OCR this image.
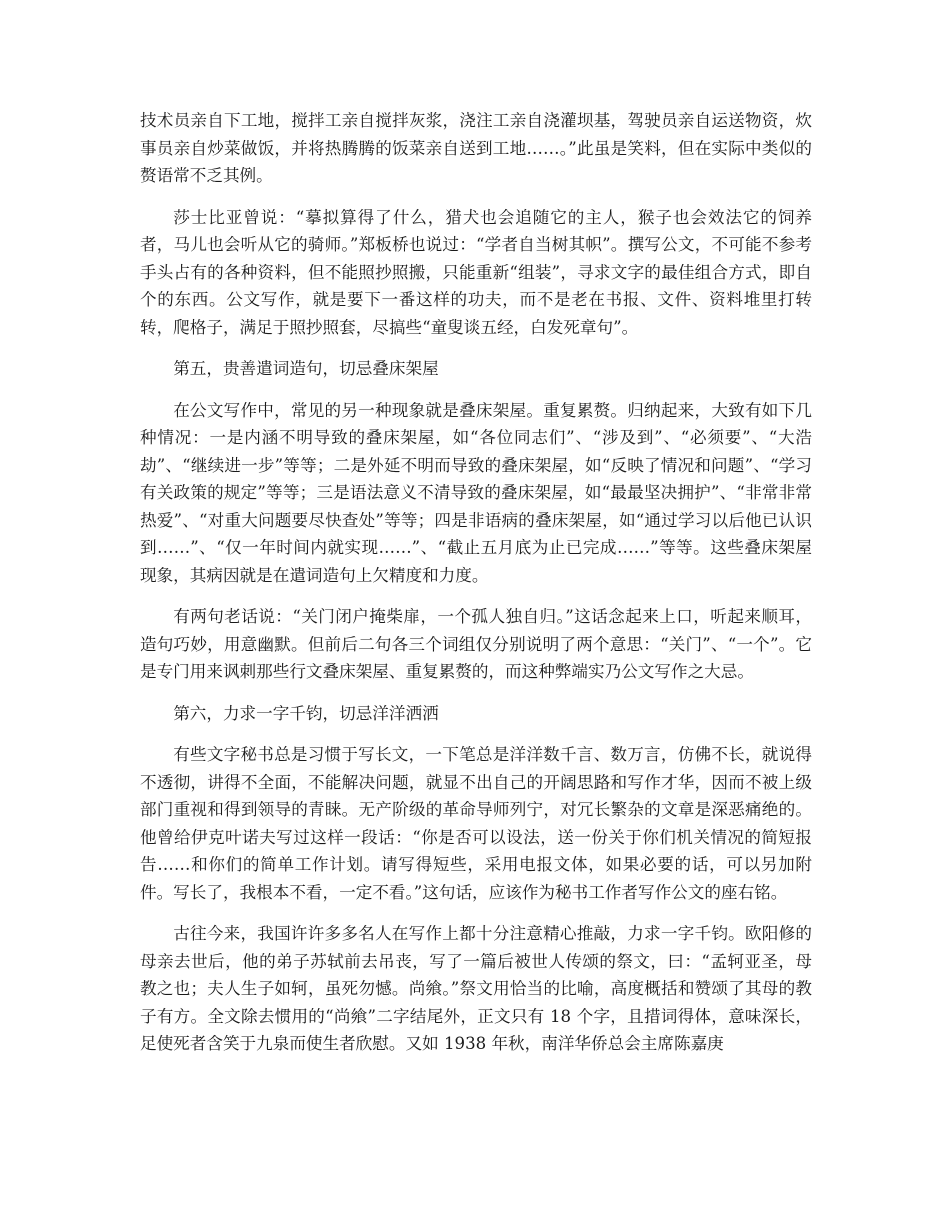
技术员亲自下工地，搅拌工亲自搅拌灰浆，浇注工亲自浇灌坝基，驾驶员亲自运送物资，炊事员亲自炒菜做饭，并将热腾腾的饭菜亲自送到工地……。”此虽是笑料，但在实际中类似的赘语常不乏其例。

莎士比亚曾说：“摹拟算得了什么，猎犬也会追随它的主人，猴子也会效法它的饲养者，马儿也会听从它的骑师。”郑板桥也说过：“学者自当树其帜”。撰写公文，不可能不参考手头占有的各种资料，但不能照抄照搬，只能重新“组装”，寻求文字的最佳组合方式，即自个的东西。公文写作，就是要下一番这样的功夫，而不是老在书报、文件、资料堆里打转转，爬格子，满足于照抄照套，尽搞些“童叟谈五经，白发死章句”。

第五，贵善遣词造句，切忌叠床架屋

在公文写作中，常见的另一种现象就是叠床架屋。重复累赘。归纳起来，大致有如下几种情况：一是内涵不明导致的叠床架屋，如“各位同志们”、“涉及到”、“必须要”、“大浩劫”、“继续进一步”等等；二是外延不明而导致的叠床架屋，如“反映了情况和问题”、“学习有关政策的规定”等等；三是语法意义不清导致的叠床架屋，如“最最坚决拥护”、“非常非常热爱”、“对重大问题要尽快查处”等等；四是非语病的叠床架屋，如“通过学习以后他已认识到……”、“仅一年时间内就实现……”、“截止五月底为止已完成……”等等。这些叠床架屋现象，其病因就是在遣词造句上欠精度和力度。

有两句老话说：“关门闭户掩柴扉，一个孤人独自归。”这话念起来上口，听起来顺耳，造句巧妙，用意幽默。但前后二句各三个词组仅分别说明了两个意思：“关门”、“一个”。它是专门用来讽刺那些行文叠床架屋、重复累赘的，而这种弊端实乃公文写作之大忌。

第六，力求一字千钧，切忌洋洋洒洒

有些文字秘书总是习惯于写长文，一下笔总是洋洋数千言、数万言，仿佛不长，就说得不透彻，讲得不全面，不能解决问题，就显不出自己的开阔思路和写作才华，因而不被上级部门重视和得到领导的青睐。无产阶级的革命导师列宁，对冗长繁杂的文章是深恶痛绝的。他曾给伊克叶诺夫写过这样一段话：“你是否可以设法，送一份关于你们机关情况的简短报告……和你们的简单工作计划。请写得短些，采用电报文体，如果必要的话，可以另加附件。写长了，我根本不看，一定不看。”这句话，应该作为秘书工作者写作公文的座右铭。

古往今来，我国许许多多名人在写作上都十分注意精心推敲，力求一字千钧。欧阳修的母亲去世后，他的弟子苏轼前去吊丧，写了一篇后被世人传颂的祭文，曰：“孟轲亚圣，母教之也；夫人生子如轲，虽死勿憾。尚飨。”祭文用恰当的比喻，高度概括和赞颂了其母的教子有方。全文除去惯用的“尚飨”二字结尾外，正文只有 18 个字，且措词得体，意味深长，足使死者含笑于九泉而使生者欣慰。又如 1938 年秋，南洋华侨总会主席陈嘉庚
